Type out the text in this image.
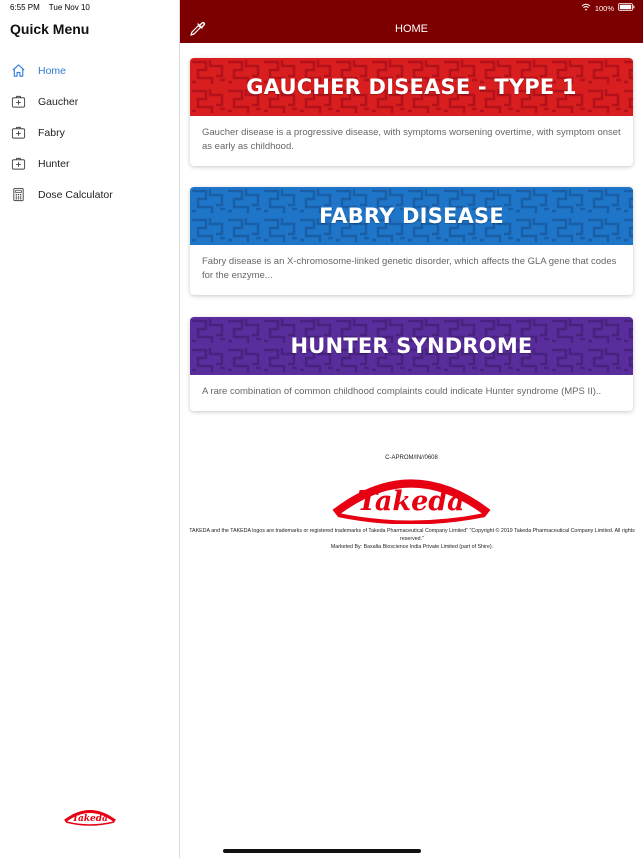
6:55 PM Tue Nov 10
Quick Menu
Home
Gaucher
Fabry
Hunter
Dose Calculator
Takeda
100%
HOME
GAUCHER DISEASE - TYPE 1
Gaucher disease is a progressive disease, with symptoms worsening overtime, with symptom onset as early as childhood.
FABRY DISEASE
Fabry disease is an X-chromosome-linked genetic disorder, which affects the GLA gene that codes for the enzyme...
HUNTER SYNDROME
A rare combination of common childhood complaints could indicate Hunter syndrome (MPS II)..
C-APROM/IN//0608
Takeda
TAKEDA and the TAKEDA logos are trademarks or registered trademarks of Takeda Pharmaceutical Company Limited" "Copyright © 2019 Takeda Pharmaceutical Company Limited. All rights reserved."
Marketed By: Baxalta Bioscience India Private Limited (part of Shire).
